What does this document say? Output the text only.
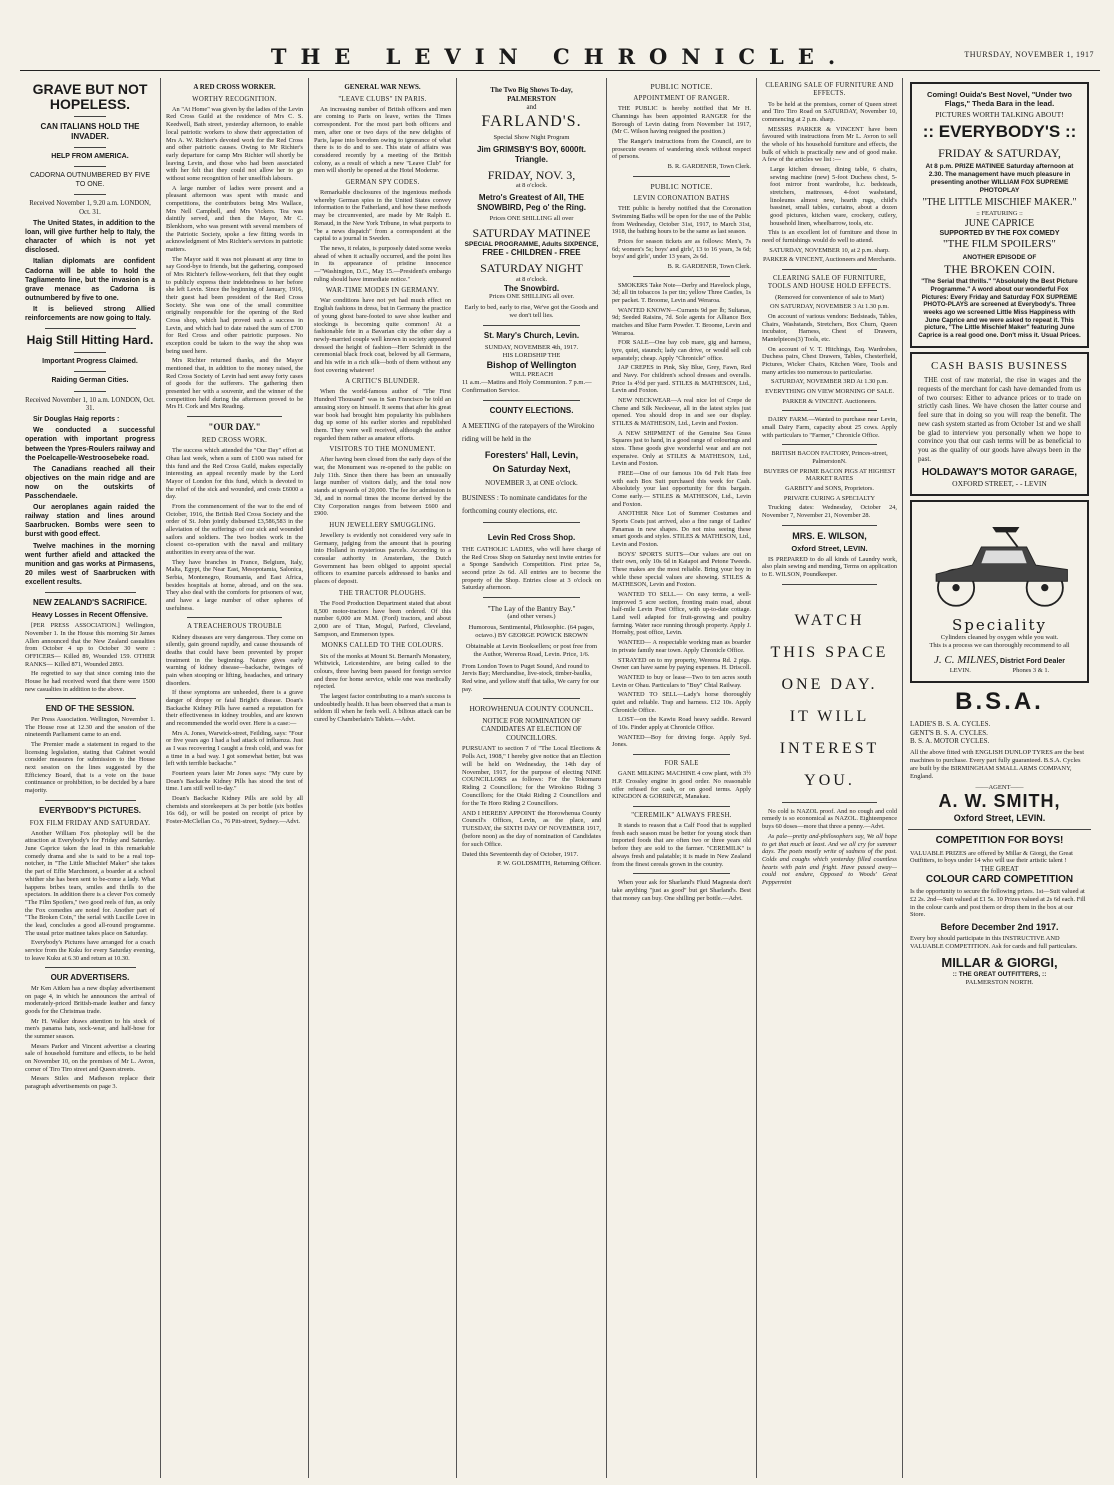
THE LEVIN CHRONICLE.	THURSDAY, NOVEMBER 1, 1917
GRAVE BUT NOT HOPELESS.
CAN ITALIANS HOLD THE INVADER.
HELP FROM AMERICA.
CADORNA OUTNUMBERED BY FIVE TO ONE.

Received November 1, 9.20 a.m. LONDON, Oct. 31.

The United States, in addition to the loan, will give further help to Italy, the character of which is not yet disclosed.

Italian diplomats are confident Cadorna will be able to hold the Tagliamento line, but the invasion is a grave menace as Cadorna is outnumbered by five to one.

It is believed strong Allied reinforcements are now going to Italy.

Haig Still Hitting Hard.
Important Progress Claimed.
Raiding German Cities.

Received November 1, 10 a.m. LONDON, Oct. 31.

Sir Douglas Haig reports :

We conducted a successful operation with important progress between the Ypres-Roulers railway and the Poelcapelle-Westroosebeke road.

The Canadians reached all their objectives on the main ridge and are now on the outskirts of Passchendaele.

Our aeroplanes again raided the railway station and lines around Saarbrucken. Bombs were seen to burst with good effect.

Twelve machines in the morning went further afield and attacked the munition and gas works at Pirmasens, 20 miles west of Saarbrucken with excellent results.

NEW ZEALAND'S SACRIFICE.
Heavy Losses in Recent Offensive.

[PER PRESS ASSOCIATION.] Wellington, November 1. In the House this morning Sir James Allen announced that the New Zealand casualties from October 4 up to October 30 were : OFFICERS— Killed 89, Wounded 159. OTHER RANKS— Killed 871, Wounded 2893.

He regretted to say that since coming into the House he had received word that there were 1500 new casualties in addition to the above.

END OF THE SESSION.

Per Press Association. Wellington, November 1. The House rose at 12.30 and the session of the nineteenth Parliament came to an end.

The Premier made a statement in regard to the licensing legislation, stating that Cabinet would consider measures for submission to the House next session on the lines suggested by the Efficiency Board, that is a vote on the issue continuance or prohibition, to be decided by a bare majority.

EVERYBODY'S PICTURES.
FOX FILM FRIDAY AND SATURDAY.

Another William Fox photoplay will be the attraction at Everybody's for Friday and Saturday. June Caprice taken the lead in this remarkable comedy drama and she is said to be a real top-notcher, in "The Little Mischief Maker" she takes the part of Effie Marchmont, a boarder at a school whither she has been sent to be-come a lady. What happens bribes tears, smiles and thrills to the spectators. In addition there is a clever Fox comedy "The Film Spoilers," two good reels of fun, as only the Fox comedies are noted for. Another part of "The Broken Coin," the serial with Lucille Love in the lead, concludes a good all-round programme. The usual prize matinee takes place on Saturday.

Everybody's Pictures have arranged for a coach service from the Kuku for every Saturday evening, to leave Kuku at 6.30 and return at 10.30.

OUR ADVERTISERS.

Mr Ken Aitken has a new display advertisement on page 4, in which he announces the arrival of moderately-priced British-made leather and fancy goods for the Christmas trade.

Mr H. Walker draws attention to his stock of men's panama hats, sock-wear, and half-hose for the summer season.

Messrs Parker and Vincent advertise a clearing sale of household furniture and effects, to be held on November 10, on the premises of Mr L. Avron, corner of Tiro Tiro street and Queen streets.

Messrs Stiles and Matheson replace their paragraph advertisements on page 3.

A RED CROSS WORKER.
WORTHY RECOGNITION.

An "At Home" was given by the ladies of the Levin Red Cross Guild at the residence of Mrs C. S. Keedwell, Bath street, yesterday afternoon, to enable local patriotic workers to show their appreciation of Mrs A. W. Richter's devoted work for the Red Cross and other patriotic causes. Owing to Mr Richter's early departure for camp Mrs Richter will shortly be leaving Levin, and those who had been associated with her felt that they could not allow her to go without some recognition of her unselfish labours.

A large number of ladies were present and a pleasant afternoon was spent with music and competitions, the contributors being Mrs Wallace, Mrs Nell Campbell, and Mrs Vickers. Tea was daintily served, and then the Mayor, Mr C. Blenkhorn, who was present with several members of the Patriotic Society, spoke a few fitting words in acknowledgment of Mrs Richter's services in patriotic matters.

The Mayor said it was not pleasant at any time to say Good-bye to friends, but the gathering, composed of Mrs Richter's fellow-workers, felt that they ought to publicly express their indebtedness to her before she left Levin. Since the beginning of January, 1916, their guest had been president of the Red Cross Society. She was one of the small committee originally responsible for the opening of the Red Cross shop, which had proved such a success in Levin, and which had to date raised the sum of £700 for Red Cross and other patriotic purposes. No exception could be taken to the way the shop was being used here.

Mrs Richter returned thanks, and the Mayor mentioned that, in addition to the money raised, the Red Cross Society of Levin had sent away forty cases of goods for the sufferers. The gathering then presented her with a souvenir, and the winner of the competition held during the afternoon proved to be Mrs H. Cork and Mrs Reading.

"OUR DAY."
RED CROSS WORK.

The success which attended the "Our Day" effort at Ohau last week, when a sum of £100 was raised for this fund and the Red Cross Guild, makes especially interesting an appeal recently made by the Lord Mayor of London for this fund, which is devoted to the relief of the sick and wounded, and costs £6000 a day.

From the commencement of the war to the end of October, 1916, the British Red Cross Society and the order of St. John jointly disbursed £3,586,583 in the alleviation of the sufferings of our sick and wounded sailors and soldiers. The two bodies work in the closest co-operation with the naval and military authorities in every area of the war.

They have branches in France, Belgium, Italy, Malta, Egypt, the Near East, Mesopotamia, Salonica, Serbia, Montenegro, Roumania, and East Africa, besides hospitals at home, abroad, and on the sea. They also deal with the comforts for prisoners of war, and have a large number of other spheres of usefulness.

A TREACHEROUS TROUBLE

Kidney diseases are very dangerous. They come on silently, gain ground rapidly, and cause thousands of deaths that could have been prevented by proper treatment in the beginning. Nature gives early warning of kidney disease—backache, twinges of pain when stooping or lifting, headaches, and urinary disorders.

If these symptoms are unheeded, there is a grave danger of dropsy or fatal Bright's disease. Doan's Backache Kidney Pills have earned a reputation for their effectiveness in kidney troubles, and are known and recommended the world over. Here is a case:—

Mrs A. Jones, Warwick-street, Feilding, says: "Four or five years ago I had a bad attack of influenza. Just as I was recovering I caught a fresh cold, and was for a time in a bad way. I got somewhat better, but was left with terrible backache."

Fourteen years later Mr Jones says: "My cure by Doan's Backache Kidney Pills has stood the test of time. I am still well to-day."

Doan's Backache Kidney Pills are sold by all chemists and storekeepers at 3s per bottle (six bottles 16s 6d), or will be posted on receipt of price by Foster-McClellan Co., 76 Pitt-street, Sydney.—Advt.

GENERAL WAR NEWS.
"LEAVE CLUBS" IN PARIS.

An increasing number of British officers and men are coming to Paris on leave, writes the Times correspondent. For the most part both officers and men, after one or two days of the new delights of Paris, lapse into boredom owing to ignorance of what there is to do and to see. This state of affairs was considered recently by a meeting of the British colony, as a result of which a new "Leave Club" for men will shortly be opened at the Hotel Moderne.

GERMAN SPY CODES.

Remarkable disclosures of the ingenious methods whereby German spies in the United States convey information to the Fatherland, and how these methods may be circumvented, are made by Mr Ralph E. Renaud, in the New York Tribune, in what purports to "be a news dispatch" from a correspondent at the capital to a journal in Sweden.

The news, it relates, is purposely dated some weeks ahead of when it actually occurred, and the point lies in its appearance of pristine innocence—"Washington, D.C., May 15.—President's embargo ruling should have immediate notice."

WAR-TIME MODES IN GERMANY.

War conditions have not yet had much effect on English fashions in dress, but in Germany the practice of young ghost bare-footed to save shoe leather and stockings is becoming quite common! At a fashionable fete in a Bavarian city the other day a newly-married couple well known in society appeared dressed the height of fashion—Herr Schmidt in the ceremonial black frock coat, beloved by all Germans, and his wife in a rich silk—both of them without any foot covering whatever!

A CRITIC'S BLUNDER.

When the world-famous author of "The First Hundred Thousand" was in San Francisco he told an amusing story on himself. It seems that after his great war book had brought him popularity his publishers dug up some of his earlier stories and republished them. They were well received, although the author regarded them rather as amateur efforts.

VISITORS TO THE MONUMENT.

After having been closed from the early days of the war, the Monument was re-opened to the public on July 11th. Since then there has been an unusually large number of visitors daily, and the total now stands at upwards of 20,000. The fee for admission is 3d, and in normal times the income derived by the City Corporation ranges from between £600 and £900.

HUN JEWELLERY SMUGGLING.

Jewellery is evidently not considered very safe in Germany, judging from the amount that is pouring into Holland in mysterious parcels. According to a consular authority in Amsterdam, the Dutch Government has been obliged to appoint special officers to examine parcels addressed to banks and places of deposit.

THE TRACTOR PLOUGHS.

The Food Production Department stated that about 8,500 motor-tractors have been ordered. Of this number 6,000 are M.M. (Ford) tractors, and about 2,000 are of Titan, Mogul, Parford, Cleveland, Sampson, and Emmerson types.

MONKS CALLED TO THE COLOURS.

Six of the monks at Mount St. Bernard's Monastery, Whitwick, Leicestershire, are being called to the colours, three having been passed for foreign service and three for home service, while one was medically rejected.

The largest factor contributing to a man's success is undoubtedly health. It has been observed that a man is seldom ill when he feels well. A bilious attack can be cured by Chamberlain's Tablets.—Advt.

The Two Big Shows To-day,
PALMERSTON
and
FARLAND'S.
Special Show Night Program
Jim GRIMSBY'S BOY, 6000ft. Triangle.
FRIDAY, NOV. 3,
at 8 o'clock.
Metro's Greatest of All, THE SNOWBIRD, Peg o' the Ring.
Prices ONE SHILLING all over
SATURDAY MATINEE
SPECIAL PROGRAMME, Adults SIXPENCE,
FREE - CHILDREN - FREE
SATURDAY NIGHT
at 8 o'clock.
The Snowbird.
Prices ONE SHILLING all over.
Early to bed, early to rise, We've got the Goods and we don't tell lies.
St. Mary's Church, Levin.
SUNDAY, NOVEMBER 4th, 1917.
HIS LORDSHIP THE
Bishop of Wellington
WILL PREACH
11 a.m.—Matins and Holy Communion. 7 p.m.—Confirmation Service.
COUNTY ELECTIONS.
A MEETING of the ratepayers of the Wirokino riding will be held in the
Foresters' Hall, Levin,
On Saturday Next,
NOVEMBER 3, at ONE o'clock.
BUSINESS : To nominate candidates for the forthcoming county elections, etc.
Levin Red Cross Shop.
THE CATHOLIC LADIES, who will have charge of the Red Cross Shop on Saturday next invite entries for a Sponge Sandwich Competition. First prize 5s, second prize 2s 6d. All entries are to become the property of the Shop. Entries close at 3 o'clock on Saturday afternoon.
"The Lay of the Bantry Bay."
(and other verses.)
Humorous, Sentimental, Philosophic. (64 pages, octavo.) BY GEORGE POWICK BROWN
Obtainable at Levin Booksellers; or post free from the Author, Wereroa Road, Levin. Price, 1/6.
From London Town to Puget Sound, And round to Jervis Bay; Merchandise, live-stock, timber-baulks, Red wine, and yellow stuff that talks, We carry for our pay.
HOROWHENUA COUNTY COUNCIL.
NOTICE FOR NOMINATION OF CANDIDATES AT ELECTION OF COUNCILLORS.
PURSUANT to section 7 of "The Local Elections & Polls Act, 1908," I hereby give notice that an Election will be held on Wednesday, the 14th day of November, 1917, for the purpose of electing NINE COUNCILLORS as follows: For the Tokomaru Riding 2 Councillors; for the Wirokino Riding 3 Councillors; for the Otaki Riding 2 Councillors and for the Te Horo Riding 2 Councillors.
AND I HEREBY APPOINT the Horowhenua County Council's Offices, Levin, as the place, and TUESDAY, the SIXTH DAY OF NOVEMBER 1917, (before noon) as the day of nomination of Candidates for such Office.
Dated this Seventeenth day of October, 1917.
P. W. GOLDSMITH, Returning Officer.
PUBLIC NOTICE.
APPOINTMENT OF RANGER.

THE PUBLIC is hereby notified that Mr H. Channings has been appointed RANGER for the Borough of Levin dating from November 1st 1917, (Mr C. Wilson having resigned the position.)

The Ranger's instructions from the Council, are to prosecute owners of wandering stock without respect of persons.

B. R. GARDENER, Town Clerk.

PUBLIC NOTICE.
LEVIN CORONATION BATHS

THE public is hereby notified that the Coronation Swimming Baths will be open for the use of the Public from Wednesday, October 31st, 1917, to March 31st, 1918, the bathing hours to be the same as last season.

Prices for season tickets are as follows: Men's, 7s 6d; women's 5s; boys' and girls', 13 to 16 years, 3s 6d; boys' and girls', under 13 years, 2s 6d.

B. R. GARDENER, Town Clerk.

SMOKERS Take Note—Derby and Havelock plugs, 3d; all tin tobaccos 1s per tin; yellow Three Castles, 1s per packet. T. Broome, Levin and Weraroa.

WANTED KNOWN—Currants 9d per lb; Sultanas, 9d; Seeded Raisins, 7d. Sole agents for Alliance Box matches and Blue Farm Powder. T. Broome, Levin and Weraroa.

FOR SALE—One bay cob mare, gig and harness, tyre, quiet, staunch; lady can drive, or would sell cob separately; cheap. Apply "Chronicle" office.

JAP CREPES in Pink, Sky Blue, Grey, Fawn, Red and Navy. For children's school dresses and overalls. Price 1s 4½d per yard. STILES & MATHESON, Ltd., Levin and Foxton.

NEW NECKWEAR—A real nice lot of Crepe de Chene and Silk Neckwear, all in the latest styles just opened. You should drop in and see our display. STILES & MATHESON, Ltd., Levin and Foxton.

A NEW SHIPMENT of the Genuine Sea Grass Squares just to hand, in a good range of colourings and sizes. These goods give wonderful wear and are not expensive. Only at STILES & MATHESON, Ltd., Levin and Foxton.

FREE—One of our famous 10s 6d Felt Hats free with each Box Suit purchased this week for Cash. Absolutely your last opportunity for this bargain. Come early.— STILES & MATHESON, Ltd., Levin and Foxton.

ANOTHER Nice Lot of Summer Costumes and Sports Coats just arrived, also a fine range of Ladies' Panamas in new shapes. Do not miss seeing these smart goods and styles. STILES & MATHESON, Ltd., Levin and Foxton.

BOYS' SPORTS SUITS—Our values are out on their own, only 10s 6d in Kaiapoi and Petone Tweeds. These makes are the most reliable. Bring your boy in while these special values are showing. STILES & MATHESON, Levin and Foxton.

WANTED TO SELL.— On easy terms, a well-improved 5 acre section, fronting main road, about half-mile Levin Post Office, with up-to-date cottage. Land well adapted for fruit-growing and poultry farming. Water race running through property. Apply J. Hornsby, post office, Levin.

WANTED— A respectable working man as boarder in private family near town. Apply Chronicle Office.

STRAYED on to my property, Wereroa Rd. 2 pigs. Owner can have same by paying expenses. H. Driscoll.

WANTED to buy or lease—Two to ten acres south Levin or Ohau. Particulars to "Buy" Chtal Railway.

WANTED TO SELL—Lady's horse thoroughly quiet and reliable. Trap and harness. £12 10s. Apply Chronicle Office.

LOST—on the Kawiu Road heavy saddle. Reward of 10s. Finder apply at Chronicle Office.

WANTED—Boy for driving forge. Apply Syd. Jones.

FOR SALE

GANE MILKING MACHINE 4 cow plant, with 3½ H.P. Crossley engine in good order. No reasonable offer refused for cash, or on good terms. Apply KINGDON & GORRINGE, Manakau.

"CEREMILK" ALWAYS FRESH.

It stands to reason that a Calf Food that is supplied fresh each season must be better for young stock than imported foods that are often two or three years old before they are sold to the farmer. "CEREMILK" is always fresh and palatable; it is made in New Zealand from the finest cereals grown in the country.

When your ask for Sharland's Fluid Magnesia don't take anything "just as good" but get Sharland's. Best that money can buy. One shilling per bottle.—Advt.

CLEARING SALE OF FURNITURE AND EFFECTS.

To be held at the premises, corner of Queen street and Tiro Tiro Road on SATURDAY, November 10, commencing at 2 p.m. sharp.

MESSRS PARKER & VINCENT have been favoured with instructions from Mr L. Avron to sell the whole of his household furniture and effects, the bulk of which is practically new and of good make. A few of the articles we list :—

Large kitchen dresser, dining table, 6 chairs, sewing machine (new) 5-foot Duchess chest, 5-foot mirror front wardrobe, h.c. bedsteads, stretchers, mattresses, 4-foot washstand, linoleums almost new, hearth rugs, child's bassinet, small tables, curtains, about a dozen good pictures, kitchen ware, crockery, cutlery, household linen, wheelbarrow, tools, etc.

This is an excellent lot of furniture and those in need of furnishings would do well to attend.

SATURDAY, NOVEMBER 10, at 2 p.m. sharp.

PARKER & VINCENT, Auctioneers and Merchants.

CLEARING SALE OF FURNITURE, TOOLS AND HOUSE HOLD EFFECTS.

(Removed for convenience of sale to Mart)

ON SATURDAY, NOVEMBER 3 At 1.30 p.m.

On account of various vendors: Bedsteads, Tables, Chairs, Washstands, Stretchers, Box Churn, Queen incubator, Harness, Chest of Drawers, Mantelpieces(3) Tools, etc.

On account of V. T. Hitchings, Esq. Wardrobes, Duchess pairs, Chest Drawers, Tables, Chesterfield, Pictures, Wicker Chairs, Kitchen Ware, Tools and many articles too numerous to particularise.

SATURDAY, NOVEMBER 3RD At 1.30 p.m.

EVERYTHING ON VIEW MORNING OF SALE.

PARKER & VINCENT. Auctioneers.

DAIRY FARM.—Wanted to purchase near Levin, small Dairy Farm, capacity about 25 cows. Apply with particulars to "Farmer," Chronicle Office.

BRITISH BACON FACTORY, Princes-street, PalmerstonN.

BUYERS OF PRIME BACON PIGS AT HIGHEST MARKET RATES

GARBITY and SONS, Proprietors.

PRIVATE CURING A SPECIALTY

Trucking dates: Wednesday, October 24, November 7, November 21, November 28.

MRS. E. WILSON,
Oxford Street, LEVIN.

IS PREPARED to do all kinds of Laundry work, also plain sewing and mending, Terms on application to E. WILSON, Poundkeeper.

WATCH
THIS SPACE
ONE DAY.
IT WILL
INTEREST
YOU.

No cold is NAZOL proof. And no cough and cold remedy is so economical as NAZOL. Eighteenpence buys 60 doses—more that three a penny.—Advt.

As pale—pretty and-philosophers say, We all hope to get that much at least. And we all cry for summer days. The poets mostly write of sadness of the past. Colds and coughs which yesterday filled countless hearts with pain and fright. Have passed away—could not endure, Opposed to Woods' Great Peppermint

Coming! Ouida's Best Novel, "Under two Flags," Theda Bara in the lead.
PICTURES WORTH TALKING ABOUT!
:: EVERYBODY'S ::
FRIDAY & SATURDAY,
At 8 p.m. PRIZE MATINEE Saturday afternoon at 2.30. The management have much pleasure in presenting another WILLIAM FOX SUPREME PHOTOPLAY
"THE LITTLE MISCHIEF MAKER."
:: FEATURING ::
JUNE CAPRICE
SUPPORTED BY THE FOX COMEDY
"THE FILM SPOILERS"
ANOTHER EPISODE OF
THE BROKEN COIN.
"The Serial that thrills." "Absolutely the Best Picture Programme." A word about our wonderful Fox Pictures: Every Friday and Saturday FOX SUPREME PHOTO-PLAYS are screened at Everybody's. Three weeks ago we screened Little Miss Happiness with June Caprice and we were asked to repeat it. This picture, "The Little Mischief Maker" featuring June Caprice is a real good one. Don't miss it. Usual Prices.
CASH BASIS BUSINESS

THE cost of raw material, the rise in wages and the requests of the merchant for cash have demanded from us of two courses: Either to advance prices or to trade on strictly cash lines. We have chosen the latter course and feel sure that in doing so you will reap the benefit. The new cash system started as from October 1st and we shall be glad to interview you personally when we hope to convince you that our cash terms will be as beneficial to you as the quality of our goods have always been in the past.

HOLDAWAY'S MOTOR GARAGE,
OXFORD STREET, - - LEVIN
Speciality
Cylinders cleaned by oxygen while you wait.
This is a process we can thoroughly recommend to all
J. C. MILNES, District Ford Dealer
LEVIN.	Phones 3 & 1.
B.S.A.
LADIE'S B. S. A. CYCLES.
GENT'S B. S. A. CYCLES.
B. S. A. MOTOR CYCLES.
All the above fitted with ENGLISH DUNLOP TYRES are the best machines to purchase. Every part fully guaranteed. B.S.A. Cycles are built by the BIRMINGHAM SMALL ARMS COMPANY, England.
——AGENT——
A. W. SMITH,
Oxford Street, LEVIN.
COMPETITION FOR BOYS!
VALUABLE PRIZES are offered by Millar & Giorgi, the Great Outfitters, to boys under 14 who will use their artistic talent !
THE GREAT
COLOUR CARD COMPETITION
Is the opportunity to secure the following prizes. 1st—Suit valued at £2 2s. 2nd—Suit valued at £1 5s. 10 Prizes valued at 2s 6d each. Fill in the colour cards and post them or drop them in the box at our Store.
Before December 2nd 1917.
Every boy should participate in this INSTRUCTIVE AND VALUABLE COMPETITION. Ask for cards and full particulars.
MILLAR & GIORGI,
:: THE GREAT OUTFITTERS, ::
PALMERSTON NORTH.
